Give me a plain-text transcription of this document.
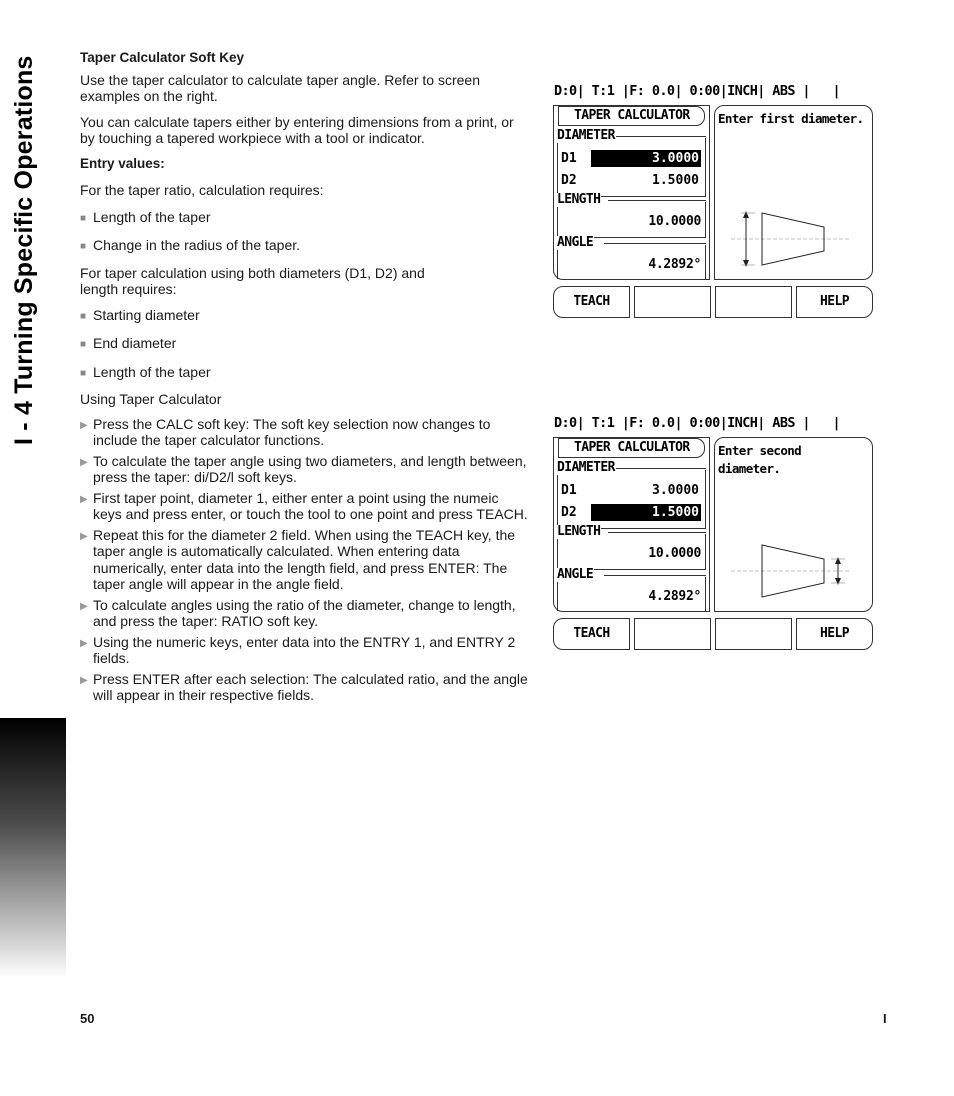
I - 4 Turning Specific Operations	Taper Calculator Soft Key

Use the taper calculator to calculate taper angle. Refer to screen examples on the right.

You can calculate tapers either by entering dimensions from a print, or by touching a tapered workpiece with a tool or indicator.

Entry values:

For the taper ratio, calculation requires:

■ Length of the taper
■ Change in the radius of the taper.

For taper calculation using both diameters (D1, D2) and length requires:

■ Starting diameter
■ End diameter
■ Length of the taper

Using Taper Calculator

▶ Press the CALC soft key: The soft key selection now changes to include the taper calculator functions.
▶ To calculate the taper angle using two diameters, and length between, press the taper: di/D2/l soft keys.
▶ First taper point, diameter 1, either enter a point using the numeic keys and press enter, or touch the tool to one point and press TEACH.
▶ Repeat this for the diameter 2 field. When using the TEACH key, the taper angle is automatically calculated. When entering data numerically, enter data into the length field, and press ENTER: The taper angle will appear in the angle field.
▶ To calculate angles using the ratio of the diameter, change to length, and press the taper: RATIO soft key.
▶ Using the numeric keys, enter data into the ENTRY 1, and ENTRY 2 fields.
▶ Press ENTER after each selection: The calculated ratio, and the angle will appear in their respective fields.
D:0| T:1 |F: 0.0| 0:00|INCH| ABS |   |
TAPER CALCULATOR
DIAMETER
D1	3.0000
D2	1.5000
LENGTH
10.0000
ANGLE
4.2892°
Enter first diameter.
TEACH	HELP
D:0| T:1 |F: 0.0| 0:00|INCH| ABS |   |
TAPER CALCULATOR
DIAMETER
D1	3.0000
D2	1.5000
LENGTH
10.0000
ANGLE
4.2892°
Enter second diameter.
TEACH	HELP
50	I
